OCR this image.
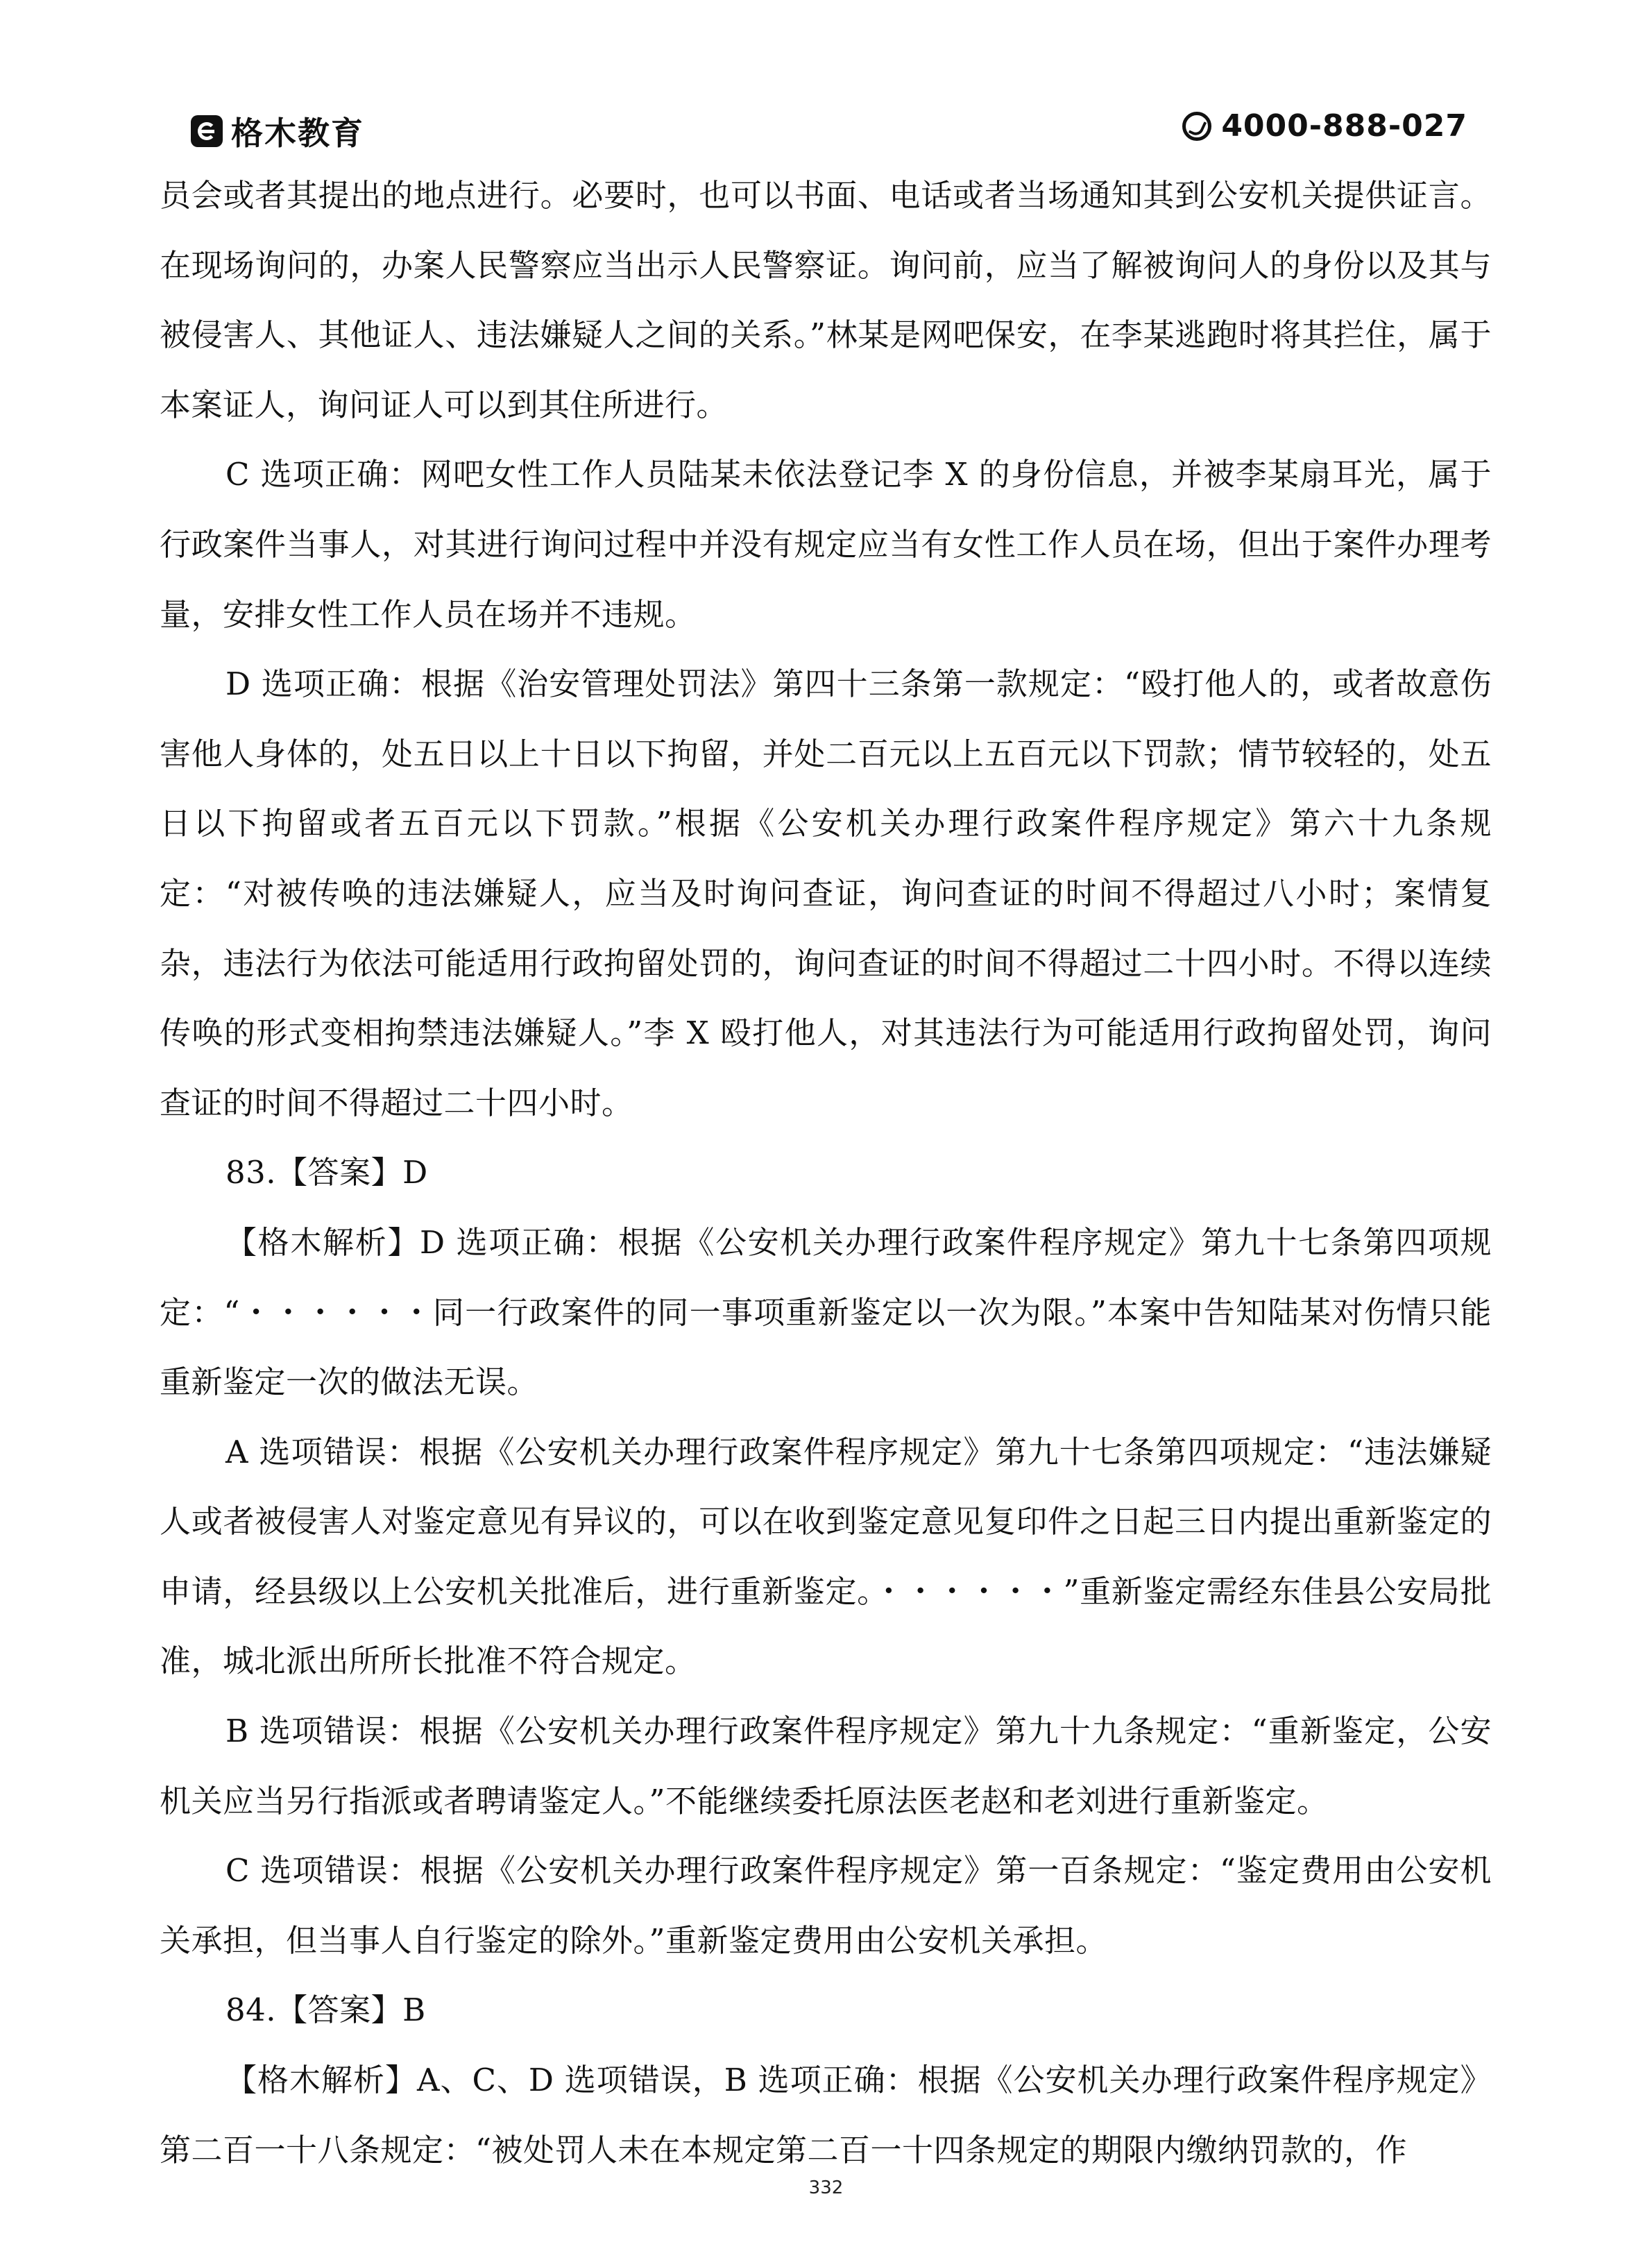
格木教育	4000-888-027

员会或者其提出的地点进行。必要时，也可以书面、电话或者当场通知其到公安机关提供证言。在现场询问的，办案人民警察应当出示人民警察证。询问前，应当了解被询问人的身份以及其与被侵害人、其他证人、违法嫌疑人之间的关系。”林某是网吧保安，在李某逃跑时将其拦住，属于本案证人，询问证人可以到其住所进行。

C 选项正确：网吧女性工作人员陆某未依法登记李 X 的身份信息，并被李某扇耳光，属于行政案件当事人，对其进行询问过程中并没有规定应当有女性工作人员在场，但出于案件办理考量，安排女性工作人员在场并不违规。

D 选项正确：根据《治安管理处罚法》第四十三条第一款规定：“殴打他人的，或者故意伤害他人身体的，处五日以上十日以下拘留，并处二百元以上五百元以下罚款；情节较轻的，处五日以下拘留或者五百元以下罚款。”根据《公安机关办理行政案件程序规定》第六十九条规定：“对被传唤的违法嫌疑人，应当及时询问查证，询问查证的时间不得超过八小时；案情复杂，违法行为依法可能适用行政拘留处罚的，询问查证的时间不得超过二十四小时。不得以连续传唤的形式变相拘禁违法嫌疑人。”李 X 殴打他人，对其违法行为可能适用行政拘留处罚，询问查证的时间不得超过二十四小时。

83.【答案】D

【格木解析】D 选项正确：根据《公安机关办理行政案件程序规定》第九十七条第四项规定：“・・・・・・同一行政案件的同一事项重新鉴定以一次为限。”本案中告知陆某对伤情只能重新鉴定一次的做法无误。

A 选项错误：根据《公安机关办理行政案件程序规定》第九十七条第四项规定：“违法嫌疑人或者被侵害人对鉴定意见有异议的，可以在收到鉴定意见复印件之日起三日内提出重新鉴定的申请，经县级以上公安机关批准后，进行重新鉴定。・・・・・・”重新鉴定需经东佳县公安局批准，城北派出所所长批准不符合规定。

B 选项错误：根据《公安机关办理行政案件程序规定》第九十九条规定：“重新鉴定，公安机关应当另行指派或者聘请鉴定人。”不能继续委托原法医老赵和老刘进行重新鉴定。

C 选项错误：根据《公安机关办理行政案件程序规定》第一百条规定：“鉴定费用由公安机关承担，但当事人自行鉴定的除外。”重新鉴定费用由公安机关承担。

84.【答案】B

【格木解析】A、C、D 选项错误，B 选项正确：根据《公安机关办理行政案件程序规定》第二百一十八条规定：“被处罚人未在本规定第二百一十四条规定的期限内缴纳罚款的，作

332
